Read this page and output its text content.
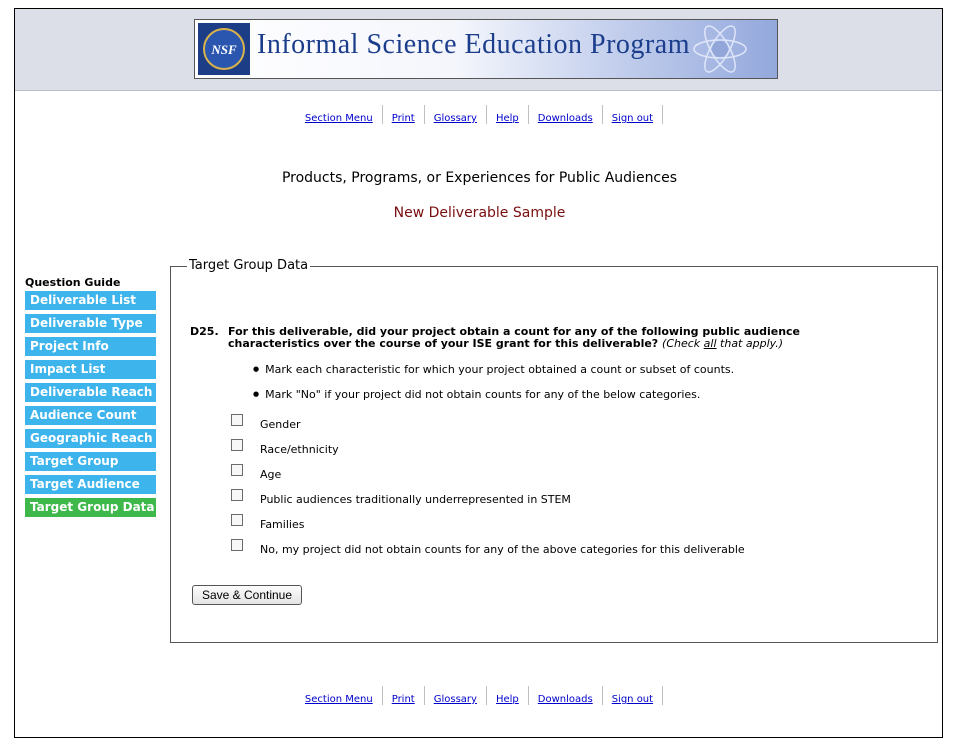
NSF Informal Science Education Program
Section Menu	Print	Glossary	Help	Downloads	Sign out
Products, Programs, or Experiences for Public Audiences
New Deliverable Sample
Question Guide
Deliverable List
Deliverable Type
Project Info
Impact List
Deliverable Reach
Audience Count
Geographic Reach
Target Group
Target Audience
Target Group Data
Target Group Data
D25. For this deliverable, did your project obtain a count for any of the following public audience characteristics over the course of your ISE grant for this deliverable? (Check all that apply.)
● Mark each characteristic for which your project obtained a count or subset of counts.
● Mark "No" if your project did not obtain counts for any of the below categories.
Gender
Race/ethnicity
Age
Public audiences traditionally underrepresented in STEM
Families
No, my project did not obtain counts for any of the above categories for this deliverable
Save & Continue
Section Menu	Print	Glossary	Help	Downloads	Sign out
